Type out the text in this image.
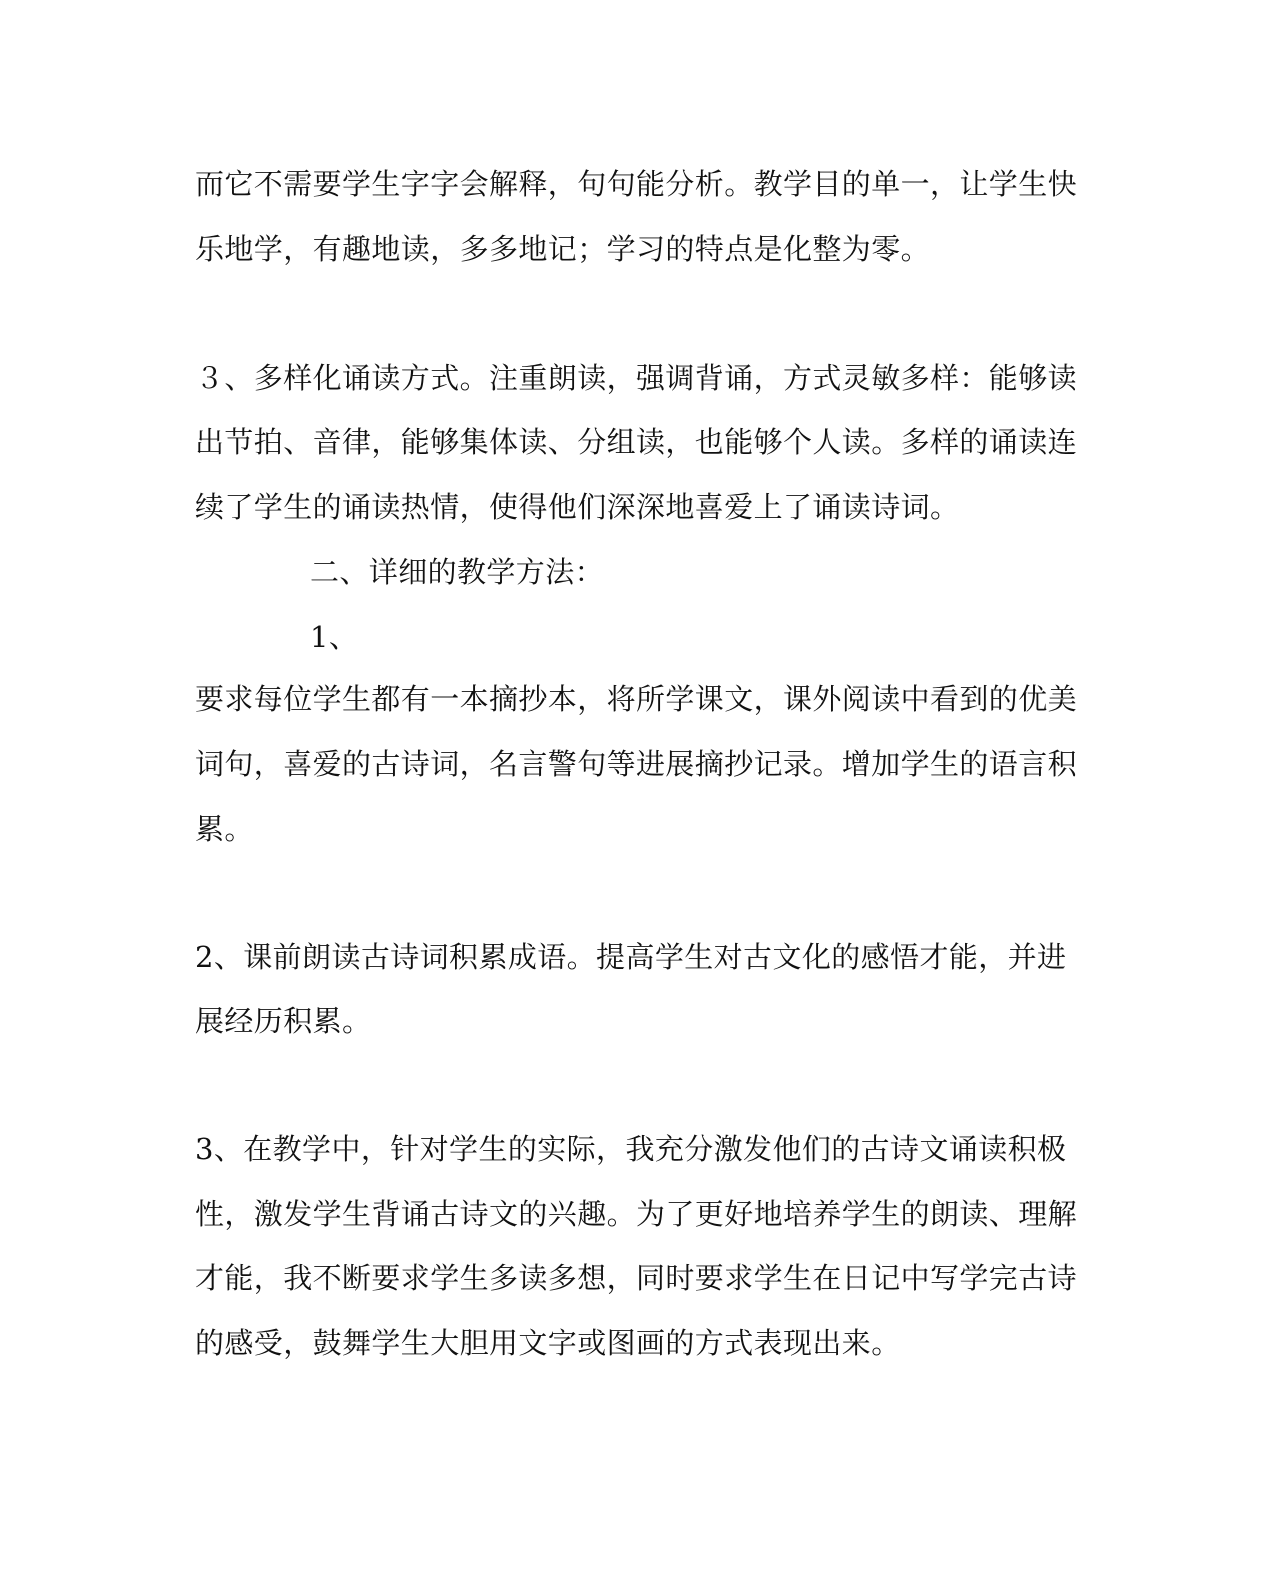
而它不需要学生字字会解释，句句能分析。教学目的单一，让学生快
乐地学，有趣地读，多多地记；学习的特点是化整为零。
３、多样化诵读方式。注重朗读，强调背诵，方式灵敏多样：能够读
出节拍、音律，能够集体读、分组读，也能够个人读。多样的诵读连
续了学生的诵读热情，使得他们深深地喜爱上了诵读诗词。
二、详细的教学方法：
1、
要求每位学生都有一本摘抄本，将所学课文，课外阅读中看到的优美
词句，喜爱的古诗词，名言警句等进展摘抄记录。增加学生的语言积
累。
2、课前朗读古诗词积累成语。提高学生对古文化的感悟才能，并进
展经历积累。
3、在教学中，针对学生的实际，我充分激发他们的古诗文诵读积极
性，激发学生背诵古诗文的兴趣。为了更好地培养学生的朗读、理解
才能，我不断要求学生多读多想，同时要求学生在日记中写学完古诗
的感受，鼓舞学生大胆用文字或图画的方式表现出来。
